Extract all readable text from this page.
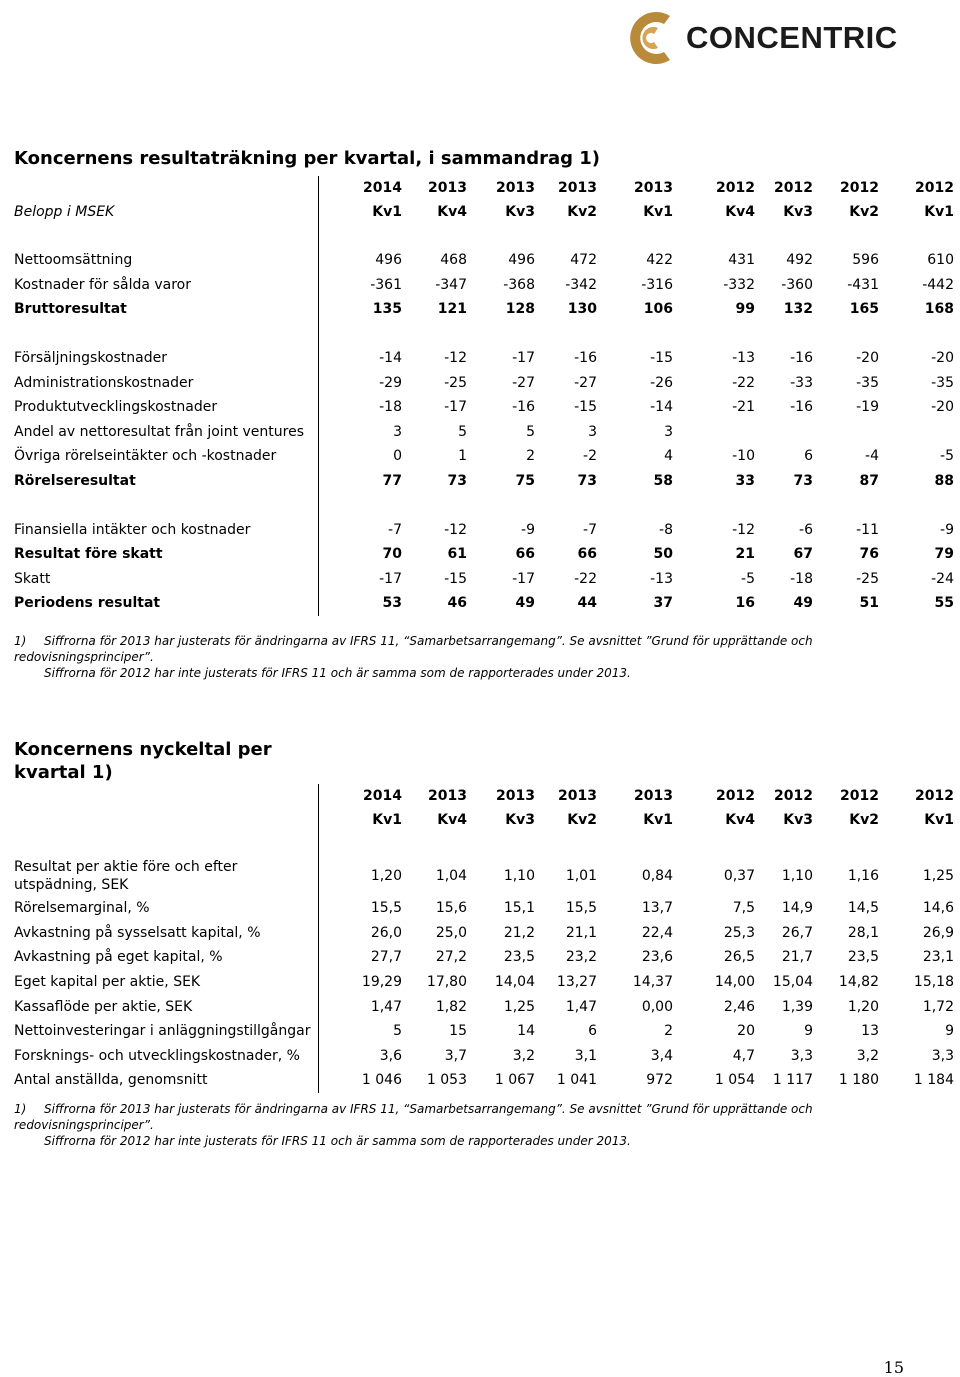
CONCENTRIC
Koncernens resultaträkning per kvartal, i sammandrag 1)
	2014	2013	2013	2013	2013	2012	2012	2012	2012

Belopp i MSEK	Kv1	Kv4	Kv3	Kv2	Kv1	Kv4	Kv3	Kv2	Kv1

Nettoomsättning	496	468	496	472	422	431	492	596	610

Kostnader för sålda varor	-361	-347	-368	-342	-316	-332	-360	-431	-442

Bruttoresultat	135	121	128	130	106	99	132	165	168

Försäljningskostnader	-14	-12	-17	-16	-15	-13	-16	-20	-20

Administrationskostnader	-29	-25	-27	-27	-26	-22	-33	-35	-35

Produktutvecklingskostnader	-18	-17	-16	-15	-14	-21	-16	-19	-20

Andel av nettoresultat från joint ventures	3	5	5	3	3				

Övriga rörelseintäkter och -kostnader	0	1	2	-2	4	-10	6	-4	-5

Rörelseresultat	77	73	75	73	58	33	73	87	88

Finansiella intäkter och kostnader	-7	-12	-9	-7	-8	-12	-6	-11	-9

Resultat före skatt	70	61	66	66	50	21	67	76	79

Skatt	-17	-15	-17	-22	-13	-5	-18	-25	-24

Periodens resultat	53	46	49	44	37	16	49	51	55
1) Siffrorna för 2013 har justerats för ändringarna av IFRS 11, “Samarbetsarrangemang”. Se avsnittet ”Grund för upprättande och redovisningsprinciper”.
Siffrorna för 2012 har inte justerats för IFRS 11 och är samma som de rapporterades under 2013.
Koncernens nyckeltal per
kvartal 1)
	2014	2013	2013	2013	2013	2012	2012	2012	2012
	Kv1	Kv4	Kv3	Kv2	Kv1	Kv4	Kv3	Kv2	Kv1

Resultat per aktie före och efter
utspädning, SEK	1,20	1,04	1,10	1,01	0,84	0,37	1,10	1,16	1,25

Rörelsemarginal, %	15,5	15,6	15,1	15,5	13,7	7,5	14,9	14,5	14,6

Avkastning på sysselsatt kapital, %	26,0	25,0	21,2	21,1	22,4	25,3	26,7	28,1	26,9

Avkastning på eget kapital, %	27,7	27,2	23,5	23,2	23,6	26,5	21,7	23,5	23,1

Eget kapital per aktie, SEK	19,29	17,80	14,04	13,27	14,37	14,00	15,04	14,82	15,18

Kassaflöde per aktie, SEK	1,47	1,82	1,25	1,47	0,00	2,46	1,39	1,20	1,72

Nettoinvesteringar i anläggningstillgångar	5	15	14	6	2	20	9	13	9

Forsknings- och utvecklingskostnader, %	3,6	3,7	3,2	3,1	3,4	4,7	3,3	3,2	3,3

Antal anställda, genomsnitt	1 046	1 053	1 067	1 041	972	1 054	1 117	1 180	1 184
1) Siffrorna för 2013 har justerats för ändringarna av IFRS 11, “Samarbetsarrangemang”. Se avsnittet ”Grund för upprättande och redovisningsprinciper”.
Siffrorna för 2012 har inte justerats för IFRS 11 och är samma som de rapporterades under 2013.
15
